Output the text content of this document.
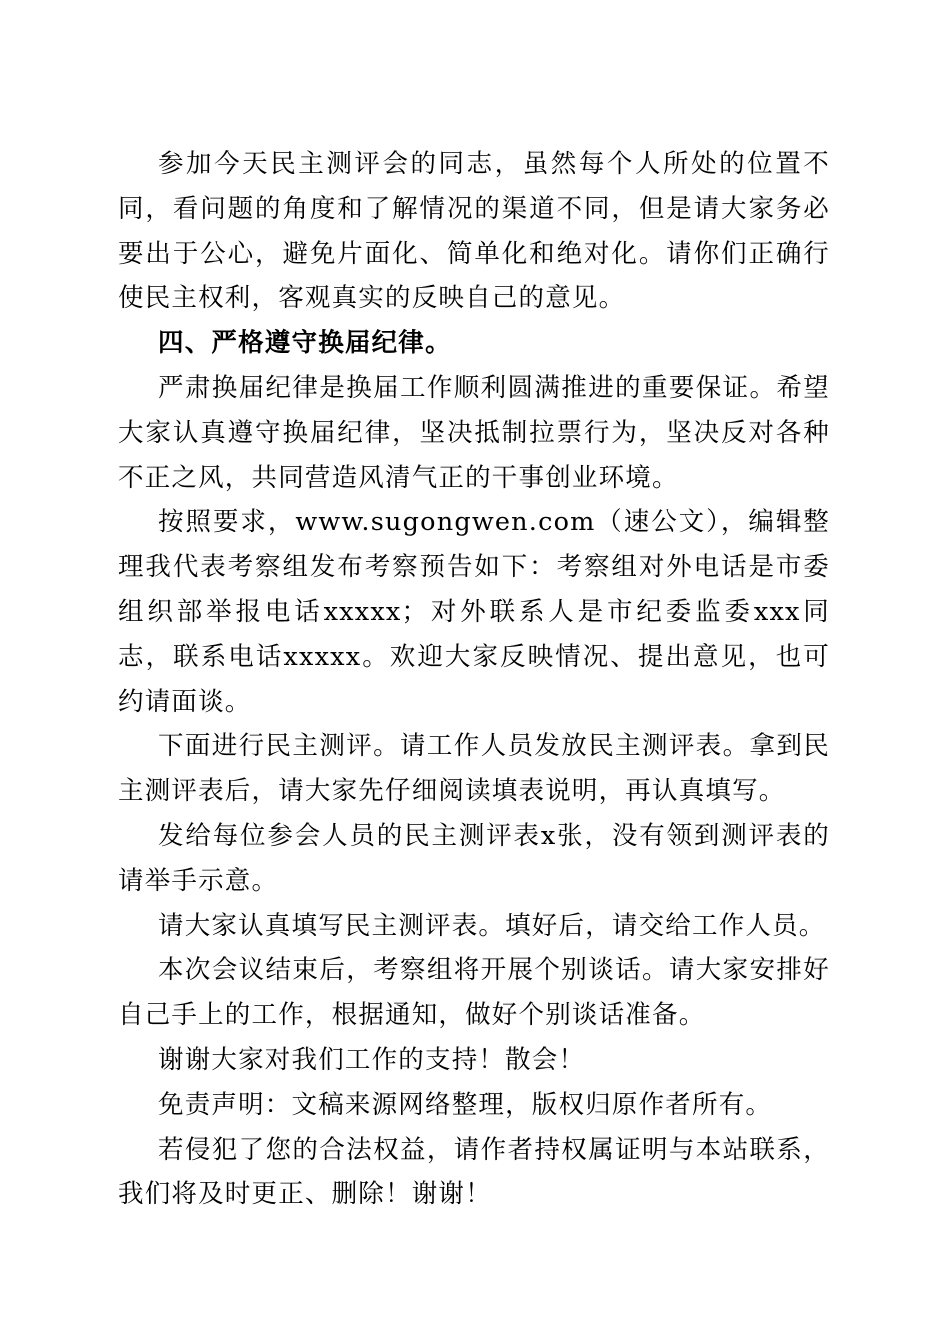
参加今天民主测评会的同志，虽然每个人所处的位置不同，看问题的角度和了解情况的渠道不同，但是请大家务必要出于公心，避免片面化、简单化和绝对化。请你们正确行使民主权利，客观真实的反映自己的意见。

四、严格遵守换届纪律。

严肃换届纪律是换届工作顺利圆满推进的重要保证。希望大家认真遵守换届纪律，坚决抵制拉票行为，坚决反对各种不正之风，共同营造风清气正的干事创业环境。

按照要求，www.sugongwen.com（速公文），编辑整理我代表考察组发布考察预告如下：考察组对外电话是市委组织部举报电话xxxxx；对外联系人是市纪委监委xxx同志，联系电话xxxxx。欢迎大家反映情况、提出意见，也可约请面谈。

下面进行民主测评。请工作人员发放民主测评表。拿到民主测评表后，请大家先仔细阅读填表说明，再认真填写。

发给每位参会人员的民主测评表x张，没有领到测评表的请举手示意。

请大家认真填写民主测评表。填好后，请交给工作人员。

本次会议结束后，考察组将开展个别谈话。请大家安排好自己手上的工作，根据通知，做好个别谈话准备。

谢谢大家对我们工作的支持！散会！

免责声明：文稿来源网络整理，版权归原作者所有。

若侵犯了您的合法权益，请作者持权属证明与本站联系，我们将及时更正、删除！谢谢！
